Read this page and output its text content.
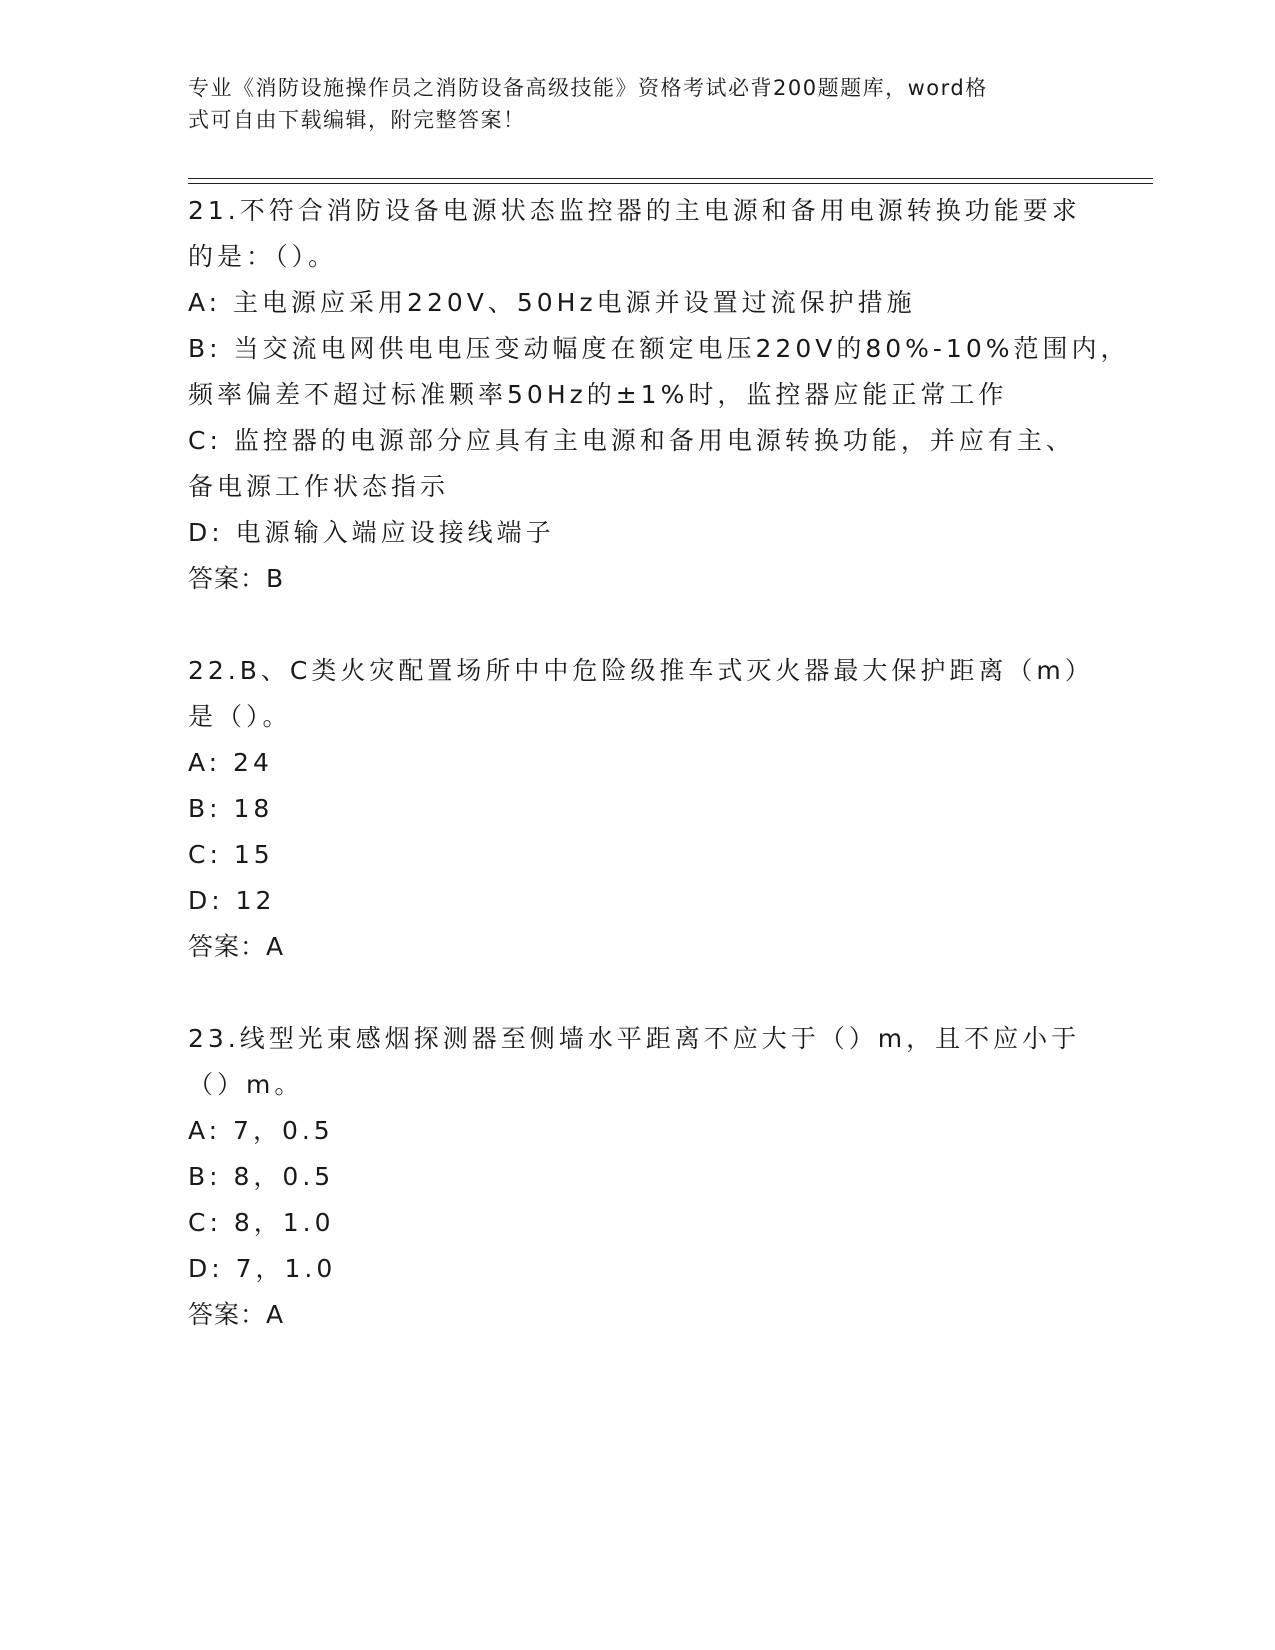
专业《消防设施操作员之消防设备高级技能》资格考试必背200题题库，word格
式可自由下载编辑，附完整答案！
21.不符合消防设备电源状态监控器的主电源和备用电源转换功能要求
的是：（）。
A: 主电源应采用220V、50Hz电源并设置过流保护措施
B: 当交流电网供电电压变动幅度在额定电压220V的80%-10%范围内，
频率偏差不超过标准颗率50Hz的±1%时，监控器应能正常工作
C: 监控器的电源部分应具有主电源和备用电源转换功能，并应有主、
备电源工作状态指示
D: 电源输入端应设接线端子
答案：B
22.B、C类火灾配置场所中中危险级推车式灭火器最大保护距离（m）
是（）。
A: 24
B: 18
C: 15
D: 12
答案：A
23.线型光束感烟探测器至侧墙水平距离不应大于（）m，且不应小于
（）m。
A: 7，0.5
B: 8，0.5
C: 8，1.0
D: 7，1.0
答案：A
